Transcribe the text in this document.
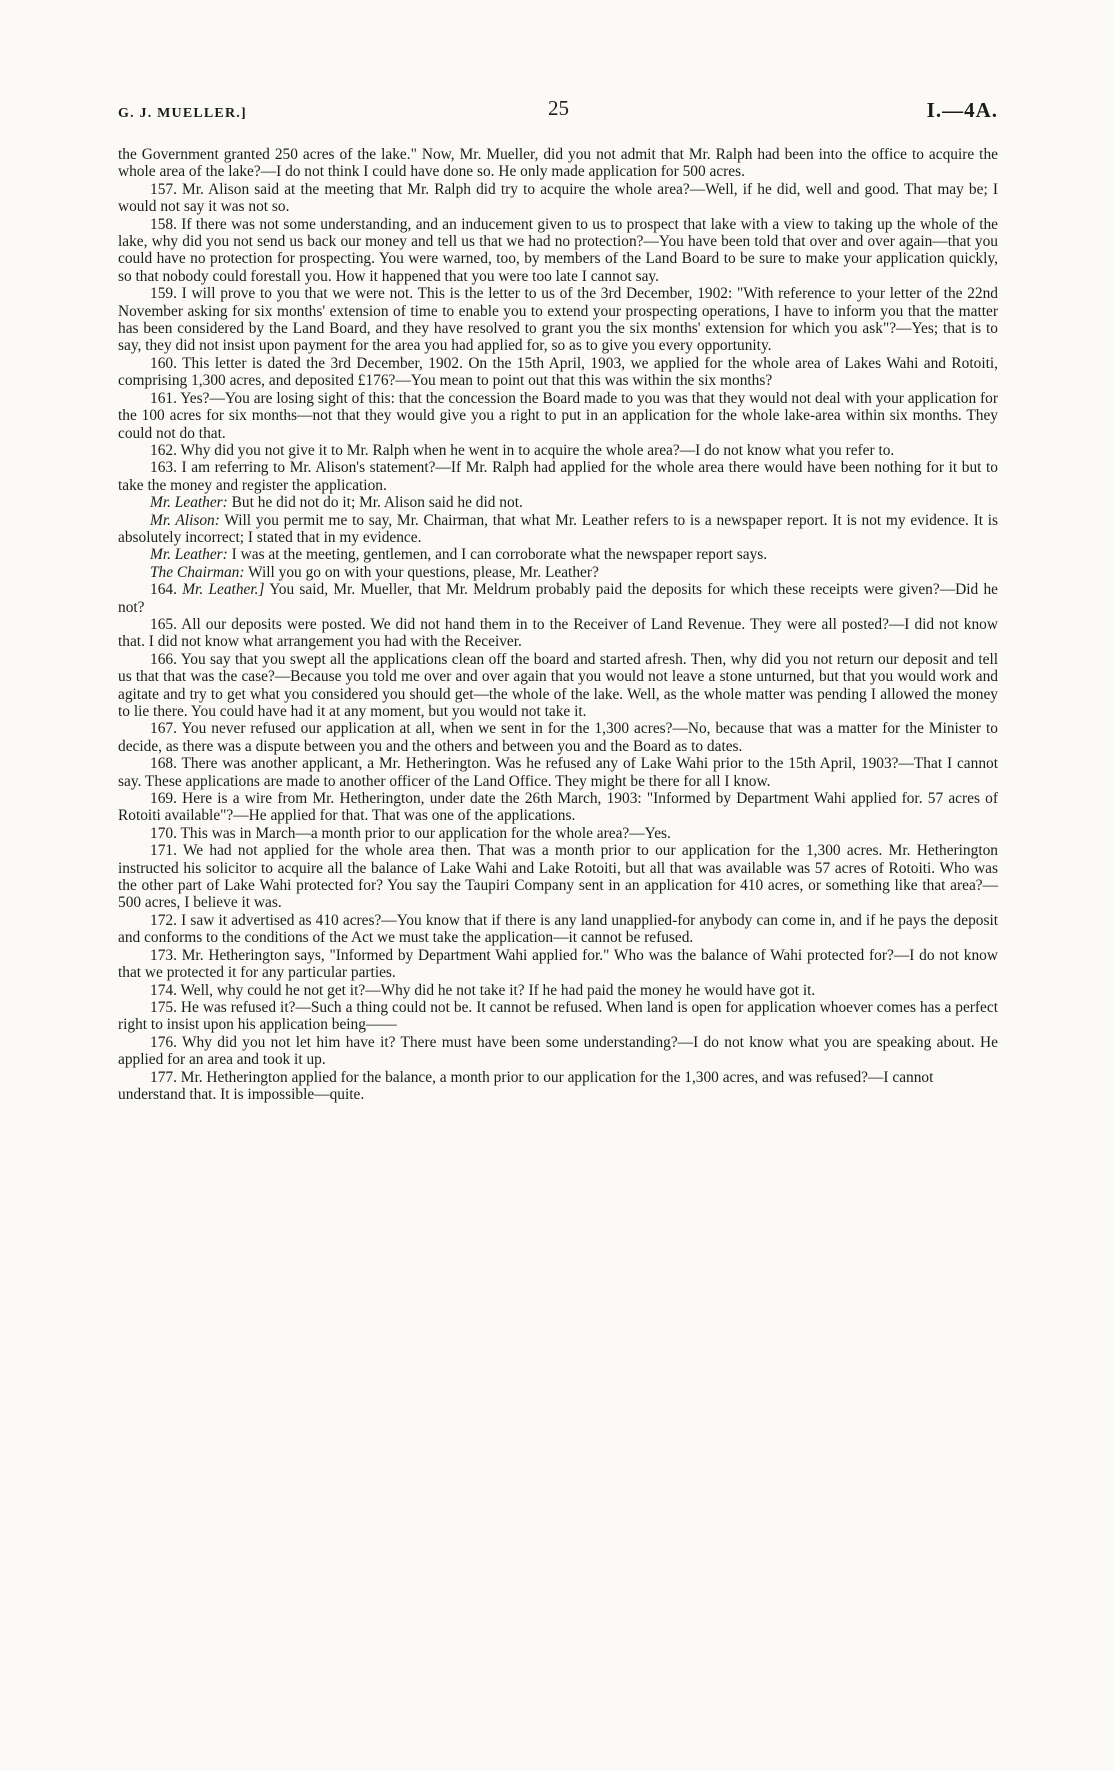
G. J. MUELLER.]	25	I.—4A.

the Government granted 250 acres of the lake." Now, Mr. Mueller, did you not admit that Mr. Ralph had been into the office to acquire the whole area of the lake?—I do not think I could have done so. He only made application for 500 acres.

157. Mr. Alison said at the meeting that Mr. Ralph did try to acquire the whole area?—Well, if he did, well and good. That may be; I would not say it was not so.

158. If there was not some understanding, and an inducement given to us to prospect that lake with a view to taking up the whole of the lake, why did you not send us back our money and tell us that we had no protection?—You have been told that over and over again—that you could have no protection for prospecting. You were warned, too, by members of the Land Board to be sure to make your application quickly, so that nobody could forestall you. How it happened that you were too late I cannot say.

159. I will prove to you that we were not. This is the letter to us of the 3rd December, 1902: "With reference to your letter of the 22nd November asking for six months' extension of time to enable you to extend your prospecting operations, I have to inform you that the matter has been considered by the Land Board, and they have resolved to grant you the six months' extension for which you ask"?—Yes; that is to say, they did not insist upon payment for the area you had applied for, so as to give you every opportunity.

160. This letter is dated the 3rd December, 1902. On the 15th April, 1903, we applied for the whole area of Lakes Wahi and Rotoiti, comprising 1,300 acres, and deposited £176?—You mean to point out that this was within the six months?

161. Yes?—You are losing sight of this: that the concession the Board made to you was that they would not deal with your application for the 100 acres for six months—not that they would give you a right to put in an application for the whole lake-area within six months. They could not do that.

162. Why did you not give it to Mr. Ralph when he went in to acquire the whole area?—I do not know what you refer to.

163. I am referring to Mr. Alison's statement?—If Mr. Ralph had applied for the whole area there would have been nothing for it but to take the money and register the application.

Mr. Leather: But he did not do it; Mr. Alison said he did not.

Mr. Alison: Will you permit me to say, Mr. Chairman, that what Mr. Leather refers to is a newspaper report. It is not my evidence. It is absolutely incorrect; I stated that in my evidence.

Mr. Leather: I was at the meeting, gentlemen, and I can corroborate what the newspaper report says.

The Chairman: Will you go on with your questions, please, Mr. Leather?

164. Mr. Leather.] You said, Mr. Mueller, that Mr. Meldrum probably paid the deposits for which these receipts were given?—Did he not?

165. All our deposits were posted. We did not hand them in to the Receiver of Land Revenue. They were all posted?—I did not know that. I did not know what arrangement you had with the Receiver.

166. You say that you swept all the applications clean off the board and started afresh. Then, why did you not return our deposit and tell us that that was the case?—Because you told me over and over again that you would not leave a stone unturned, but that you would work and agitate and try to get what you considered you should get—the whole of the lake. Well, as the whole matter was pending I allowed the money to lie there. You could have had it at any moment, but you would not take it.

167. You never refused our application at all, when we sent in for the 1,300 acres?—No, because that was a matter for the Minister to decide, as there was a dispute between you and the others and between you and the Board as to dates.

168. There was another applicant, a Mr. Hetherington. Was he refused any of Lake Wahi prior to the 15th April, 1903?—That I cannot say. These applications are made to another officer of the Land Office. They might be there for all I know.

169. Here is a wire from Mr. Hetherington, under date the 26th March, 1903: "Informed by Department Wahi applied for. 57 acres of Rotoiti available"?—He applied for that. That was one of the applications.

170. This was in March—a month prior to our application for the whole area?—Yes.

171. We had not applied for the whole area then. That was a month prior to our application for the 1,300 acres. Mr. Hetherington instructed his solicitor to acquire all the balance of Lake Wahi and Lake Rotoiti, but all that was available was 57 acres of Rotoiti. Who was the other part of Lake Wahi protected for? You say the Taupiri Company sent in an application for 410 acres, or something like that area?—500 acres, I believe it was.

172. I saw it advertised as 410 acres?—You know that if there is any land unapplied-for anybody can come in, and if he pays the deposit and conforms to the conditions of the Act we must take the application—it cannot be refused.

173. Mr. Hetherington says, "Informed by Department Wahi applied for." Who was the balance of Wahi protected for?—I do not know that we protected it for any particular parties.

174. Well, why could he not get it?—Why did he not take it? If he had paid the money he would have got it.

175. He was refused it?—Such a thing could not be. It cannot be refused. When land is open for application whoever comes has a perfect right to insist upon his application being——

176. Why did you not let him have it? There must have been some understanding?—I do not know what you are speaking about. He applied for an area and took it up.

177. Mr. Hetherington applied for the balance, a month prior to our application for the 1,300 acres, and was refused?—I cannot understand that. It is impossible—quite.
